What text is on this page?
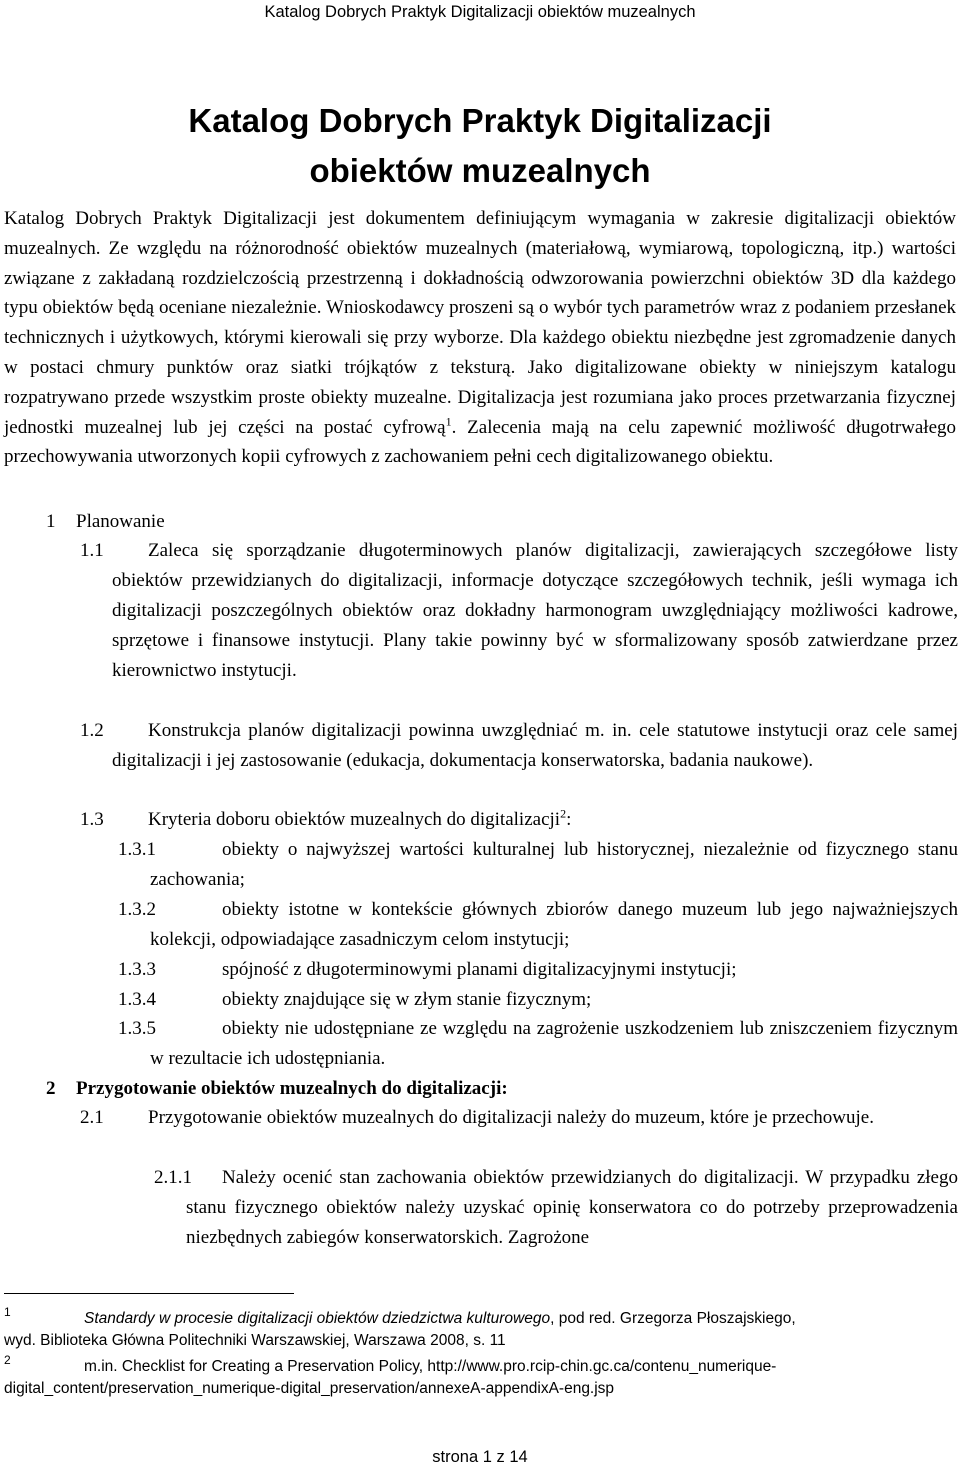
Katalog Dobrych Praktyk Digitalizacji obiektów muzealnych
Katalog Dobrych Praktyk Digitalizacji
obiektów muzealnych
Katalog Dobrych Praktyk Digitalizacji jest dokumentem definiującym wymagania w zakresie digitalizacji obiektów muzealnych. Ze względu na różnorodność obiektów muzealnych (materiałową, wymiarową, topologiczną, itp.) wartości związane z zakładaną rozdzielczością przestrzenną i dokładnością odwzorowania powierzchni obiektów 3D dla każdego typu obiektów będą oceniane niezależnie. Wnioskodawcy proszeni są o wybór tych parametrów wraz z podaniem przesłanek technicznych i użytkowych, którymi kierowali się przy wyborze. Dla każdego obiektu niezbędne jest zgromadzenie danych w postaci chmury punktów oraz siatki trójkątów z teksturą. Jako digitalizowane obiekty w niniejszym katalogu rozpatrywano przede wszystkim proste obiekty muzealne. Digitalizacja jest rozumiana jako proces przetwarzania fizycznej jednostki muzealnej lub jej części na postać cyfrową$^1$. Zalecenia mają na celu zapewnić możliwość długotrwałego przechowywania utworzonych kopii cyfrowych z zachowaniem pełni cech digitalizowanego obiektu.
1 Planowanie
1.1 Zaleca się sporządzanie długoterminowych planów digitalizacji, zawierających szczegółowe listy obiektów przewidzianych do digitalizacji, informacje dotyczące szczegółowych technik, jeśli wymaga ich digitalizacji poszczególnych obiektów oraz dokładny harmonogram uwzględniający możliwości kadrowe, sprzętowe i finansowe instytucji. Plany takie powinny być w sformalizowany sposób zatwierdzane przez kierownictwo instytucji.
1.2 Konstrukcja planów digitalizacji powinna uwzględniać m. in. cele statutowe instytucji oraz cele samej digitalizacji i jej zastosowanie (edukacja, dokumentacja konserwatorska, badania naukowe).
1.3 Kryteria doboru obiektów muzealnych do digitalizacji$^2$:
1.3.1	obiekty o najwyższej wartości kulturalnej lub historycznej, niezależnie od fizycznego stanu zachowania;
1.3.2	obiekty istotne w kontekście głównych zbiorów danego muzeum lub jego najważniejszych kolekcji, odpowiadające zasadniczym celom instytucji;
1.3.3	spójność z długoterminowymi planami digitalizacyjnymi instytucji;
1.3.4	obiekty znajdujące się w złym stanie fizycznym;
1.3.5	obiekty nie udostępniane ze względu na zagrożenie uszkodzeniem lub zniszczeniem fizycznym w rezultacie ich udostępniania.
2 Przygotowanie obiektów muzealnych do digitalizacji:
2.1 Przygotowanie obiektów muzealnych do digitalizacji należy do muzeum, które je przechowuje.
2.1.1 Należy ocenić stan zachowania obiektów przewidzianych do digitalizacji. W przypadku złego stanu fizycznego obiektów należy uzyskać opinię konserwatora co do potrzeby przeprowadzenia niezbędnych zabiegów konserwatorskich. Zagrożone
1	Standardy w procesie digitalizacji obiektów dziedzictwa kulturowego, pod red. Grzegorza Płoszajskiego,
wyd. Biblioteka Główna Politechniki Warszawskiej, Warszawa 2008, s. 11
2	m.in. Checklist for Creating a Preservation Policy, http://www.pro.rcip-chin.gc.ca/contenu_numerique-
digital_content/preservation_numerique-digital_preservation/annexeA-appendixA-eng.jsp
strona 1 z 14
